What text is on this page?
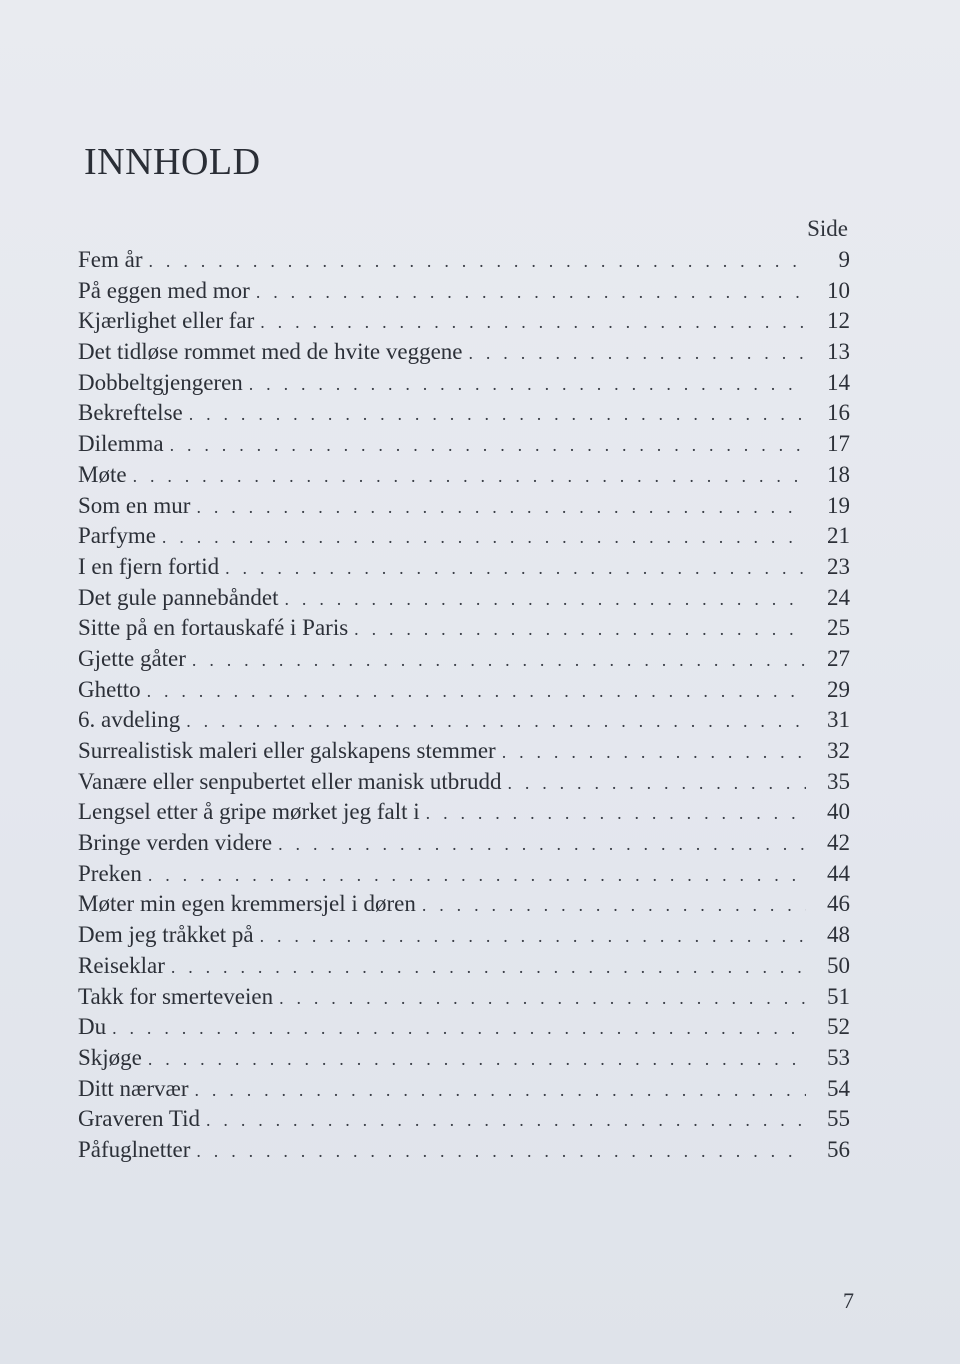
INNHOLD
Side
Fem år . . .	9
På eggen med mor . . .	10
Kjærlighet eller far . . .	12
Det tidløse rommet med de hvite veggene . . .	13
Dobbeltgjengeren . . .	14
Bekreftelse . . .	16
Dilemma . . .	17
Møte . . .	18
Som en mur . . .	19
Parfyme . . .	21
I en fjern fortid . . .	23
Det gule pannebåndet . . .	24
Sitte på en fortauskafé i Paris . . .	25
Gjette gåter . . .	27
Ghetto . . .	29
6. avdeling . . .	31
Surrealistisk maleri eller galskapens stemmer . . .	32
Vanære eller senpubertet eller manisk utbrudd . . .	35
Lengsel etter å gripe mørket jeg falt i . . .	40
Bringe verden videre . . .	42
Preken . . .	44
Møter min egen kremmersjel i døren . . .	46
Dem jeg tråkket på . . .	48
Reiseklar . . .	50
Takk for smerteveien . . .	51
Du . . .	52
Skjøge . . .	53
Ditt nærvær . . .	54
Graveren Tid . . .	55
Påfuglnetter . . .	56
7
